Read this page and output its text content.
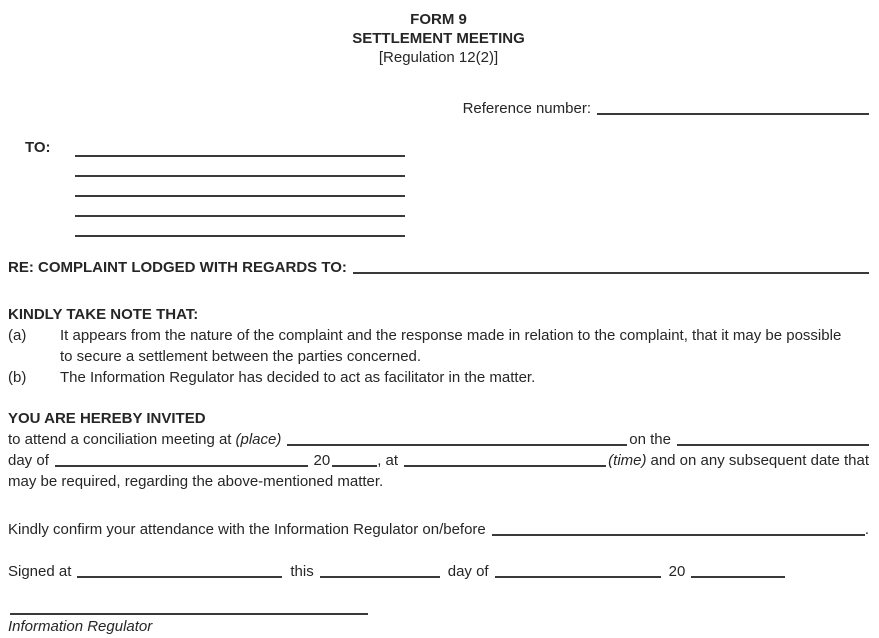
FORM 9
SETTLEMENT MEETING
[Regulation 12(2)]
Reference number:
TO:
RE: COMPLAINT LODGED WITH REGARDS TO:
KINDLY TAKE NOTE THAT:
(a)	It appears from the nature of the complaint and the response made in relation to the complaint, that it may be possible to secure a settlement between the parties concerned.
(b)	The Information Regulator has decided to act as facilitator in the matter.
YOU ARE HEREBY INVITED
to attend a conciliation meeting at (place)	on the
day of	20	, at	(time) and on any subsequent date that
may be required, regarding the above-mentioned matter.
Kindly confirm your attendance with the Information Regulator on/before	.
Signed at	this	day of	20
Information Regulator
